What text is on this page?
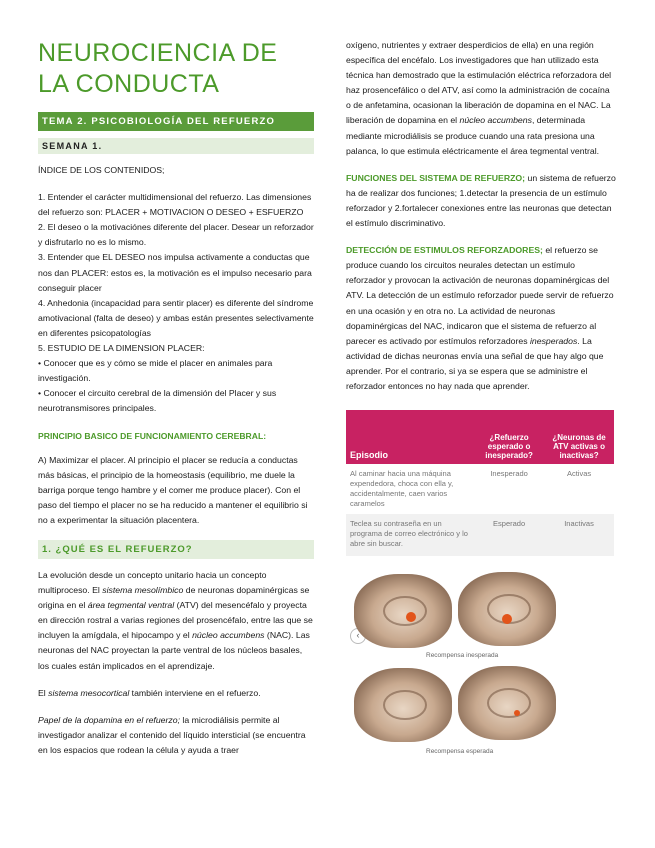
NEUROCIENCIA DE LA CONDUCTA
TEMA 2. PSICOBIOLOGÍA DEL REFUERZO
SEMANA 1.

ÍNDICE DE LOS CONTENIDOS;

1. Entender el carácter multidimensional del refuerzo. Las dimensiones del refuerzo son: PLACER + MOTIVACION O DESEO + ESFUERZO

2. El deseo o la motivaciónes diferente del placer. Desear un reforzador y disfrutarlo no es lo mismo.

3. Entender que EL DESEO nos impulsa activamente a conductas que nos dan PLACER: estos es, la motivación es el impulso necesario para conseguir placer

4. Anhedonia (incapacidad para sentir placer) es diferente del síndrome amotivacional (falta de deseo) y ambas están presentes selectivamente en diferentes psicopatologías

5. ESTUDIO DE LA DIMENSION PLACER:

• Conocer que es y cómo se mide el placer en animales para investigación.

• Conocer el circuito cerebral de la dimensión del Placer y sus neurotransmisores principales.

PRINCIPIO BASICO DE FUNCIONAMIENTO CEREBRAL:

A) Maximizar el placer. Al principio el placer se reducía a conductas más básicas, el principio de la homeostasis (equilibrio, me duele la barriga porque tengo hambre y el comer me produce placer). Con el paso del tiempo el placer no se ha reducido a mantener el equilibrio si no a experimentar la situación placentera.

1. ¿QUÉ ES EL REFUERZO?

La evolución desde un concepto unitario hacia un concepto multiproceso. El sistema mesolímbico de neuronas dopaminérgicas se origina en el área tegmental ventral (ATV) del mesencéfalo y proyecta en dirección rostral a varias regiones del prosencéfalo, entre las que se incluyen la amígdala, el hipocampo y el núcleo accumbens (NAC). Las neuronas del NAC proyectan la parte ventral de los núcleos basales, los cuales están implicados en el aprendizaje.

El sistema mesocortical también interviene en el refuerzo.

Papel de la dopamina en el refuerzo; la microdiálisis permite al investigador analizar el contenido del líquido intersticial (se encuentra en los espacios que rodean la célula y ayuda a traer

oxígeno, nutrientes y extraer desperdicios de ella) en una región específica del encéfalo. Los investigadores que han utilizado esta técnica han demostrado que la estimulación eléctrica reforzadora del haz prosencefálico o del ATV, así como la administración de cocaína o de anfetamina, ocasionan la liberación de dopamina en el NAC. La liberación de dopamina en el núcleo accumbens, determinada mediante microdiálisis se produce cuando una rata presiona una palanca, lo que estimula eléctricamente el área tegmental ventral.

FUNCIONES DEL SISTEMA DE REFUERZO; un sistema de refuerzo ha de realizar dos funciones; 1.detectar la presencia de un estímulo reforzador y 2.fortalecer conexiones entre las neuronas que detectan el estímulo discriminativo.

DETECCIÓN DE ESTIMULOS REFORZADORES; el refuerzo se produce cuando los circuitos neurales detectan un estímulo reforzador y provocan la activación de neuronas dopaminérgicas del ATV. La detección de un estímulo reforzador puede servir de refuerzo en una ocasión y en otra no. La actividad de neuronas dopaminérgicas del NAC, indicaron que el sistema de refuerzo al parecer es activado por estímulos reforzadores inesperados. La actividad de dichas neuronas envía una señal de que hay algo que aprender. Por el contrario, si ya se espera que se administre el reforzador entonces no hay nada que aprender.

Episodio
¿Refuerzo esperado o inesperado?
¿Neuronas de ATV activas o inactivas?
Al caminar hacia una máquina expendedora, choca con ella y, accidentalmente, caen varios caramelos
Inesperado	Activas
Teclea su contraseña en un programa de correo electrónico y lo abre sin buscar.
Esperado	Inactivas
‹
Recompensa inesperada
Recompensa esperada
